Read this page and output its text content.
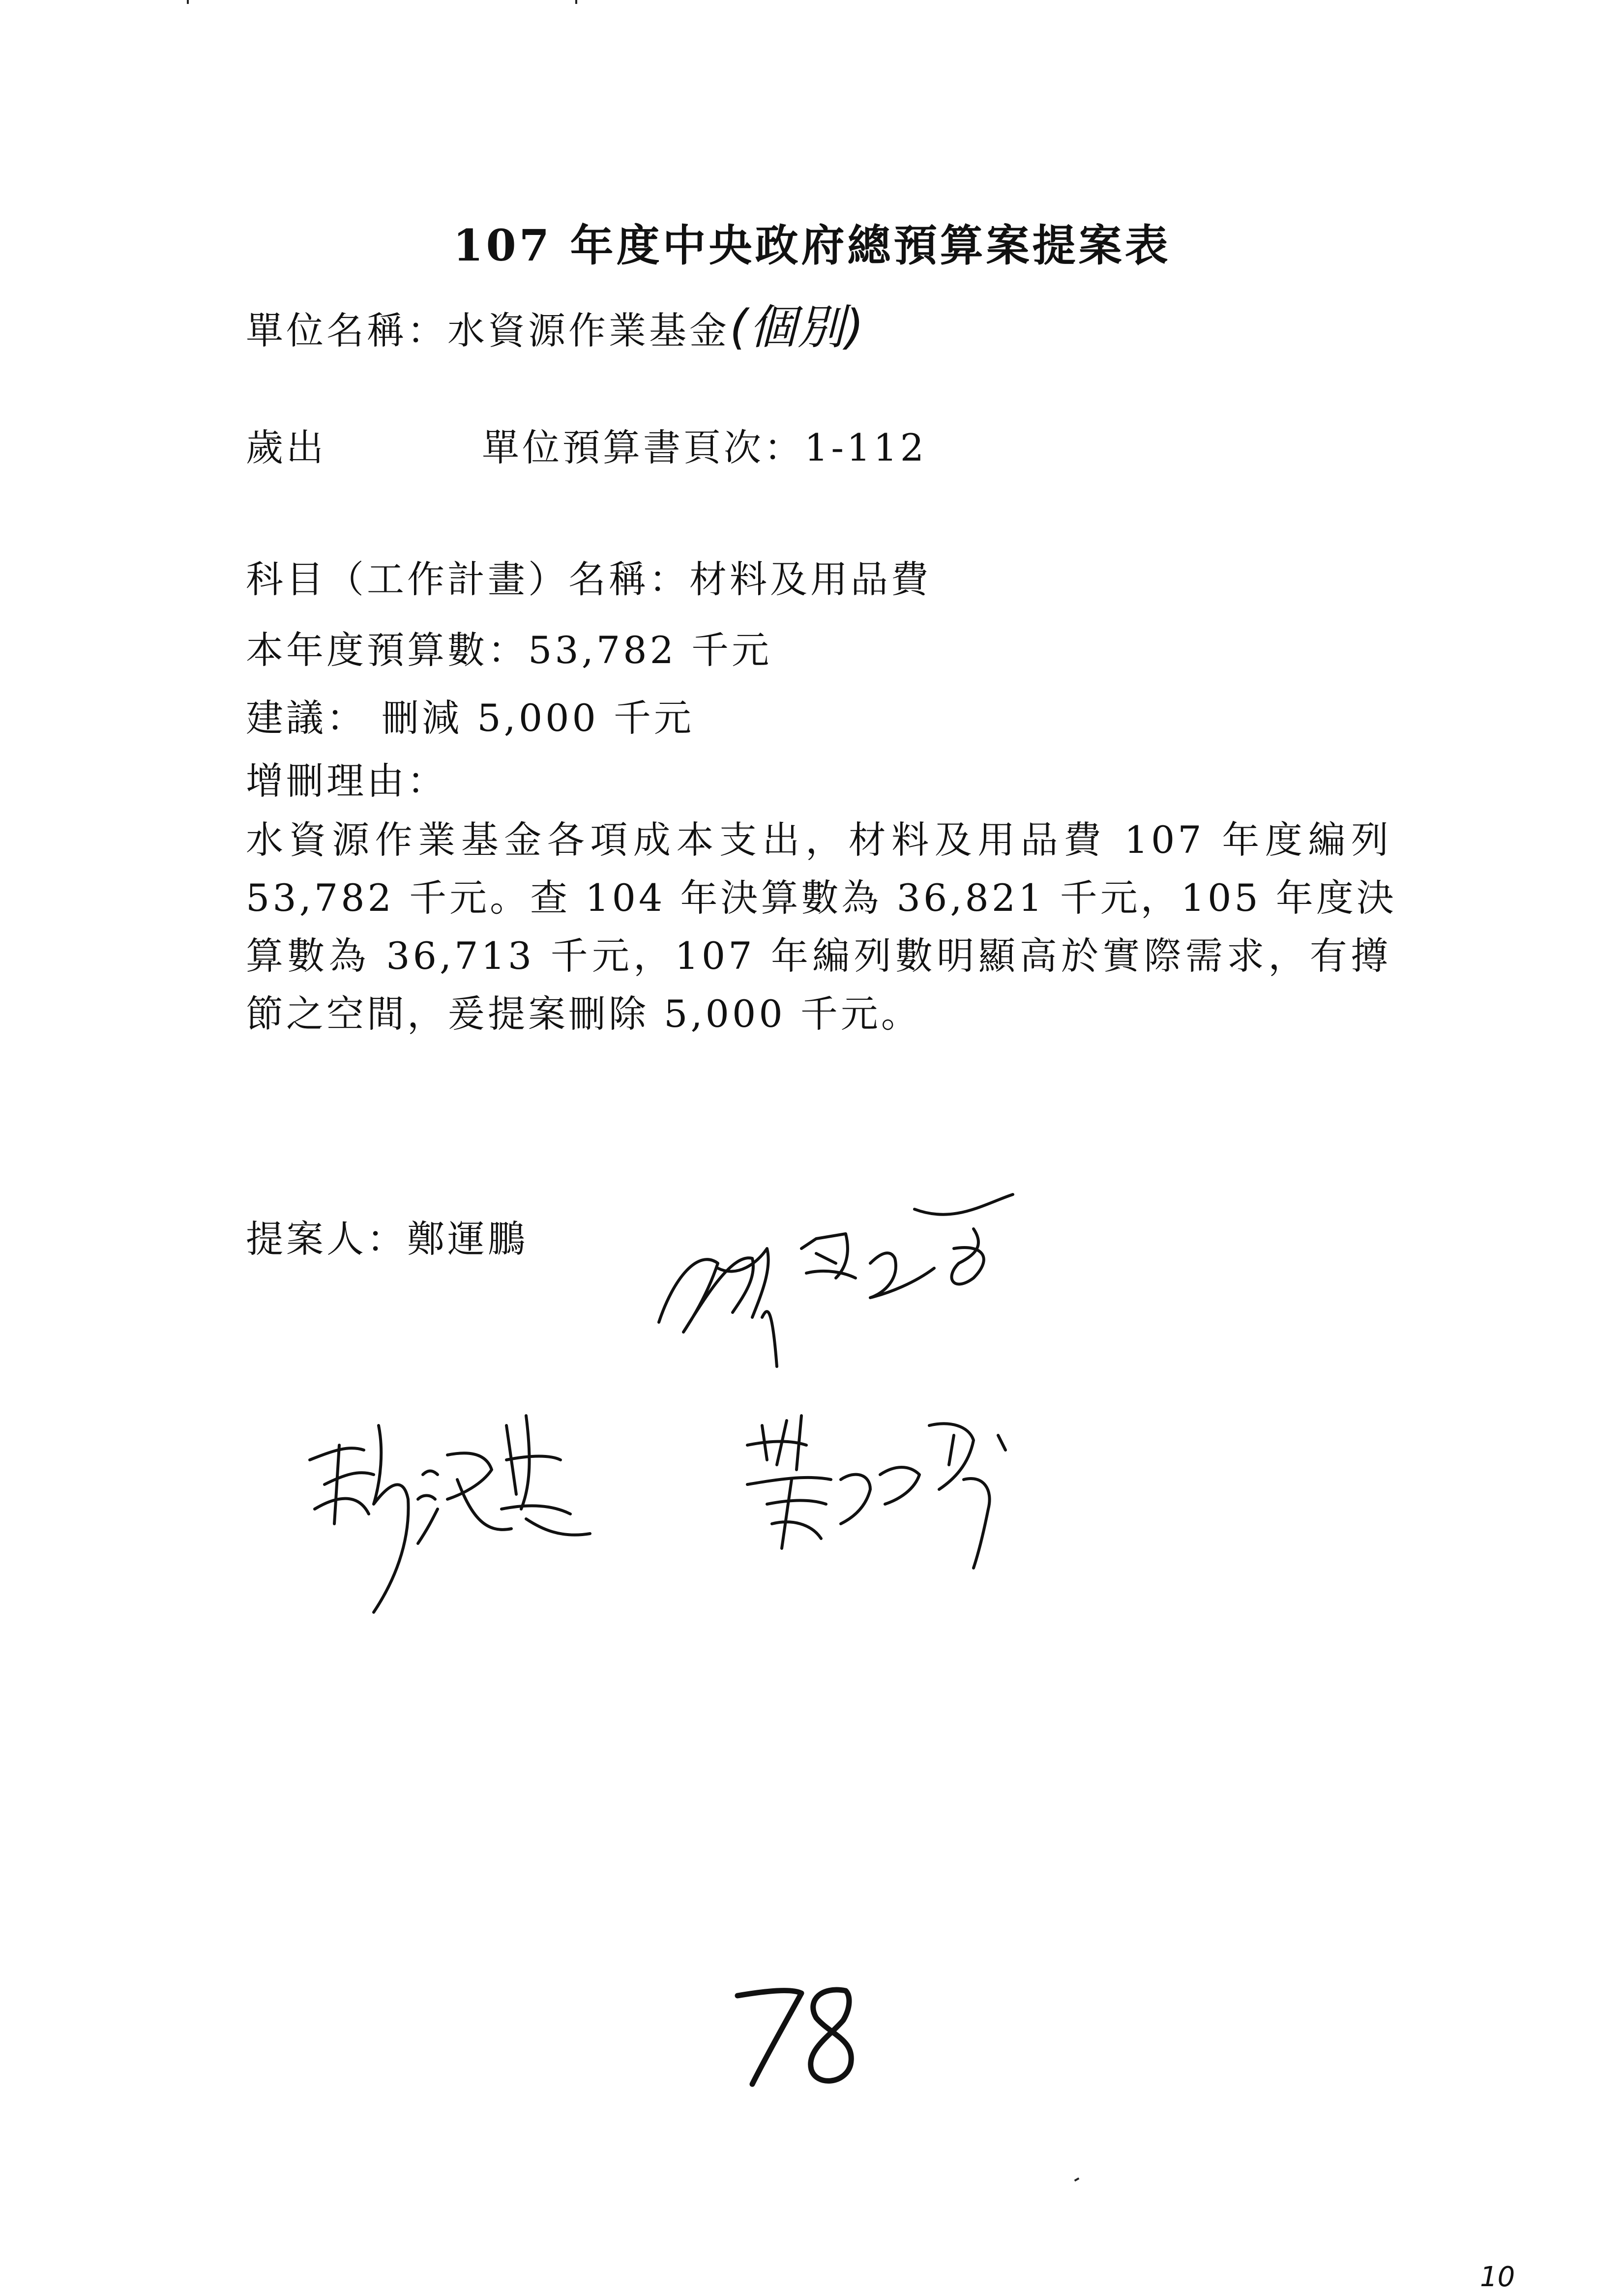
107 年度中央政府總預算案提案表
單位名稱：水資源作業基金(個別)
歲出	單位預算書頁次：1-112
科目（工作計畫）名稱：材料及用品費
本年度預算數：53,782 千元
建議： 刪減 5,000 千元
增刪理由：
水資源作業基金各項成本支出，材料及用品費 107 年度編列
53,782 千元。查 104 年決算數為 36,821 千元，105 年度決
算數為 36,713 千元，107 年編列數明顯高於實際需求，有撙
節之空間，爰提案刪除 5,000 千元。
提案人：鄭運鵬
10
